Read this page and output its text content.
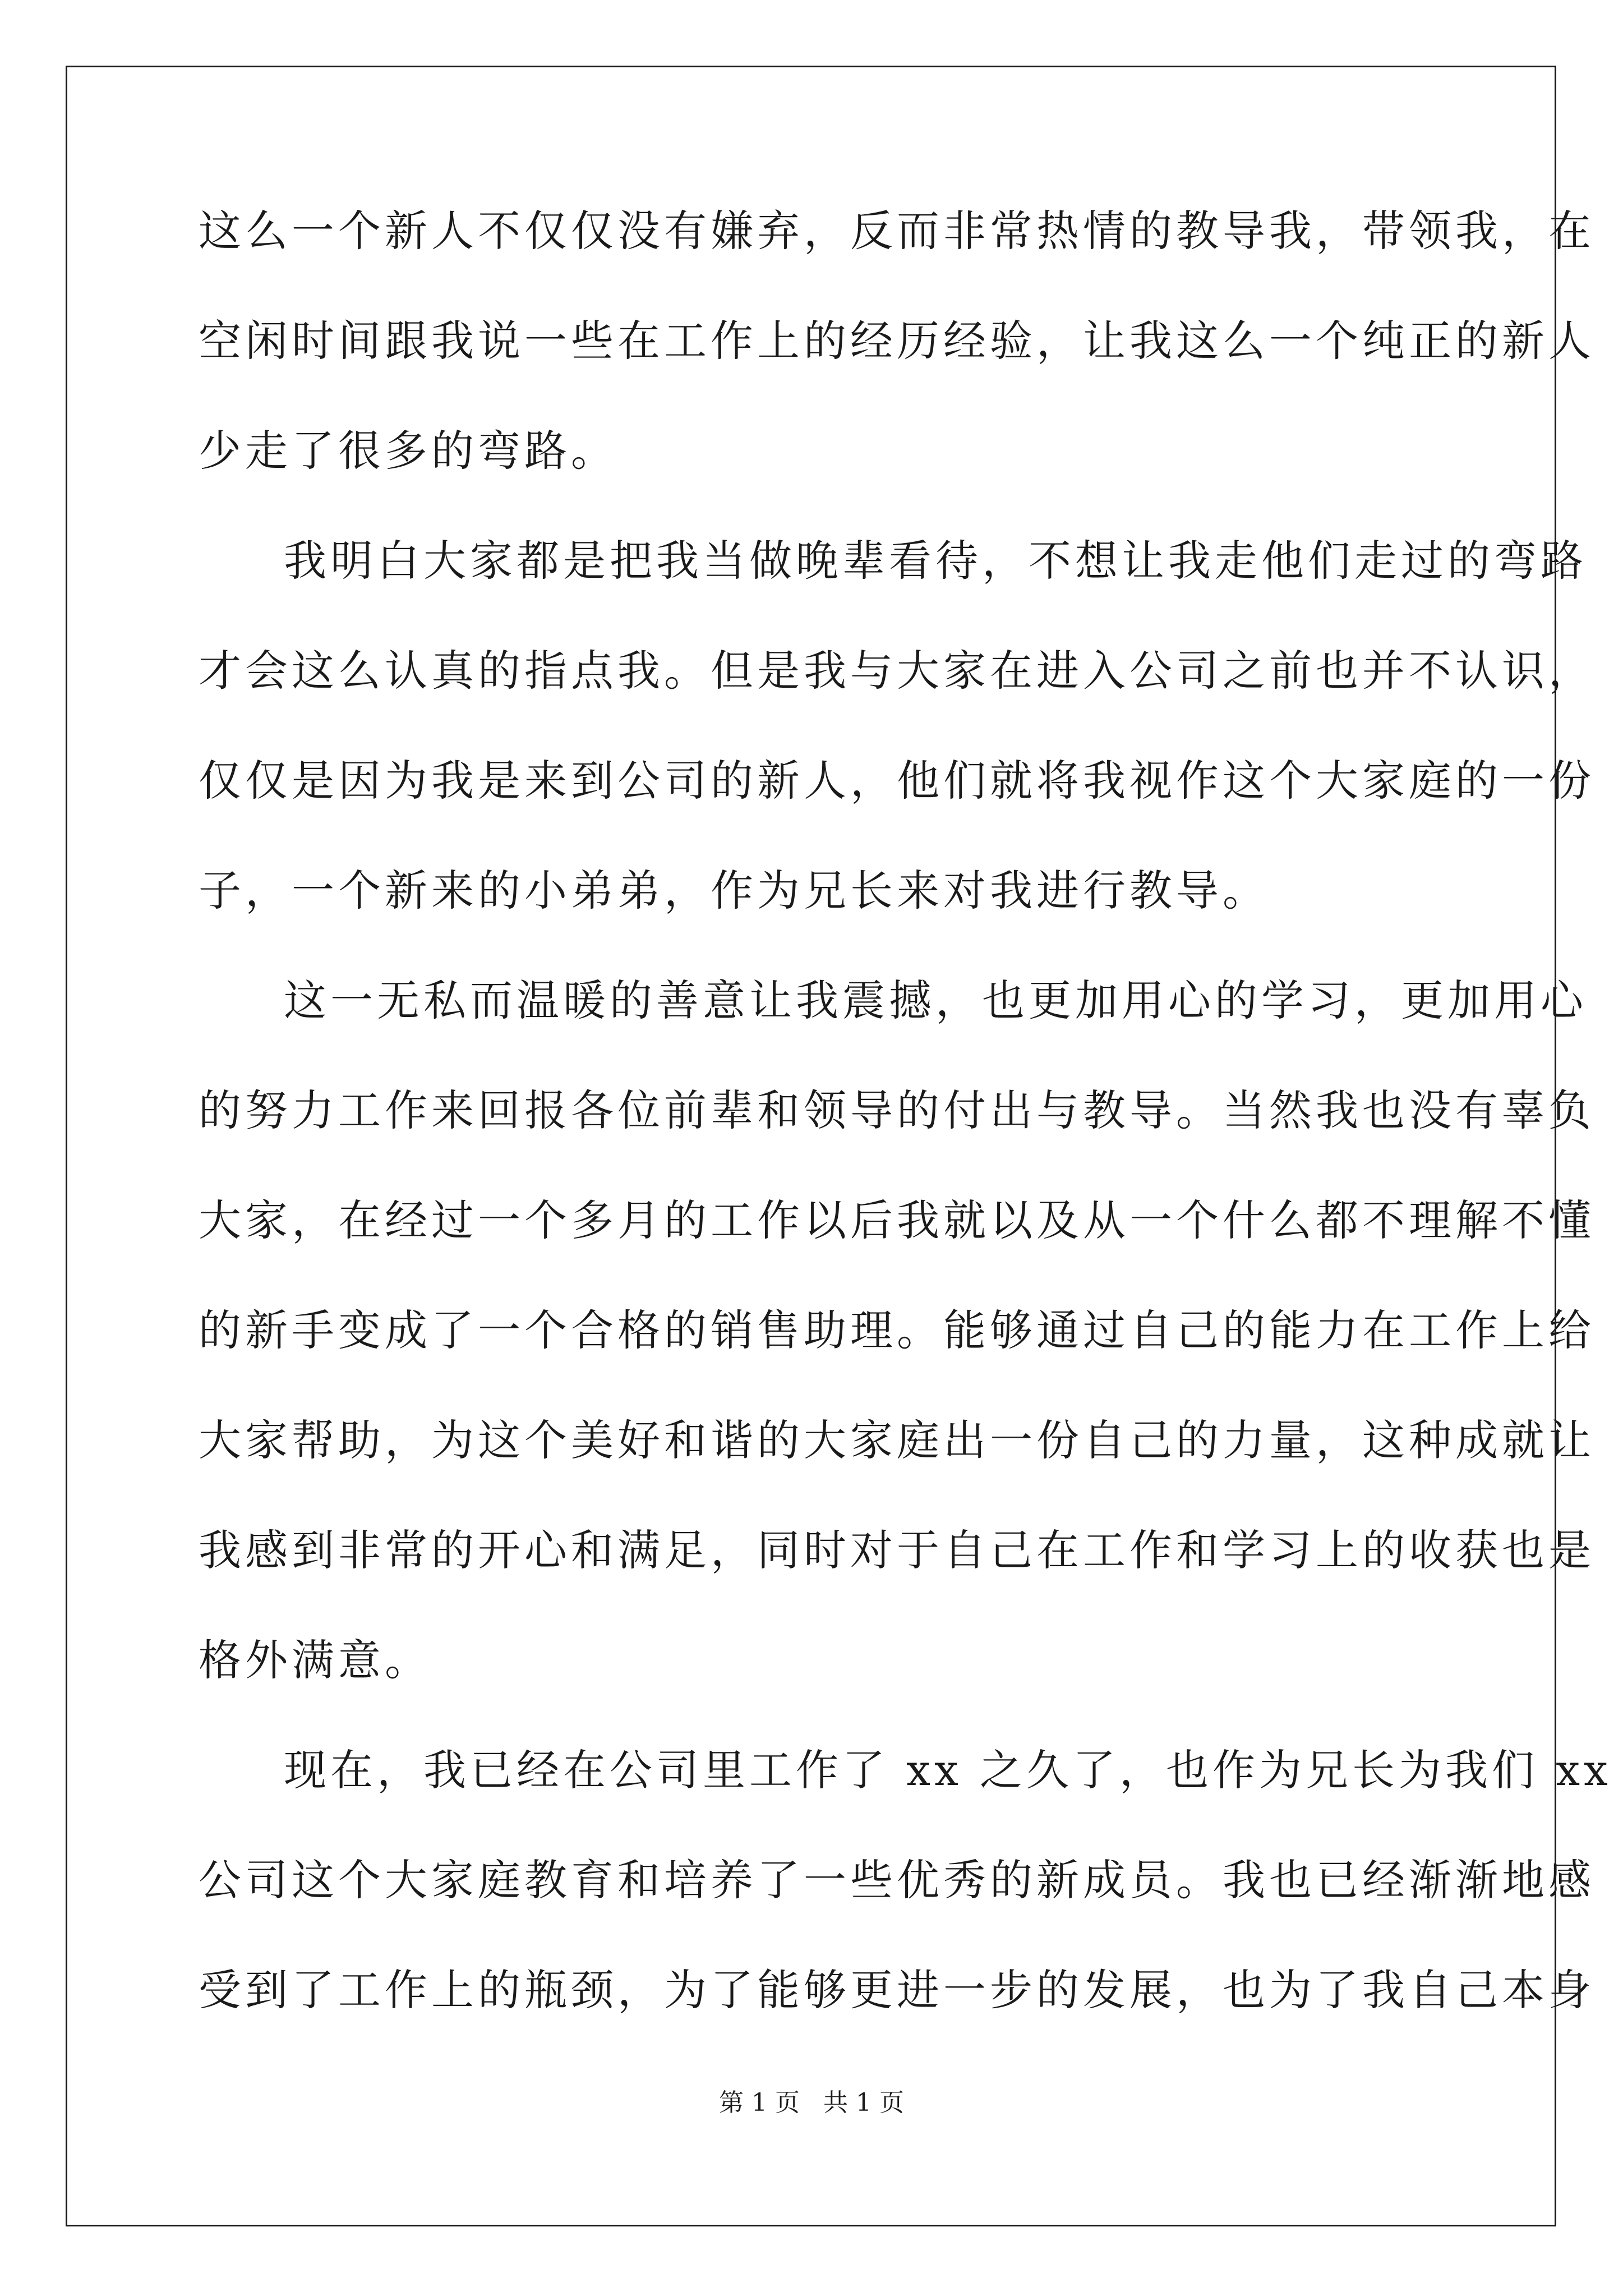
这么一个新人不仅仅没有嫌弃，反而非常热情的教导我，带领我，在
空闲时间跟我说一些在工作上的经历经验，让我这么一个纯正的新人
少走了很多的弯路。
我明白大家都是把我当做晚辈看待，不想让我走他们走过的弯路
才会这么认真的指点我。但是我与大家在进入公司之前也并不认识，
仅仅是因为我是来到公司的新人，他们就将我视作这个大家庭的一份
子，一个新来的小弟弟，作为兄长来对我进行教导。
这一无私而温暖的善意让我震撼，也更加用心的学习，更加用心
的努力工作来回报各位前辈和领导的付出与教导。当然我也没有辜负
大家，在经过一个多月的工作以后我就以及从一个什么都不理解不懂
的新手变成了一个合格的销售助理。能够通过自己的能力在工作上给
大家帮助，为这个美好和谐的大家庭出一份自己的力量，这种成就让
我感到非常的开心和满足，同时对于自己在工作和学习上的收获也是
格外满意。
现在，我已经在公司里工作了 xx 之久了，也作为兄长为我们 xx
公司这个大家庭教育和培养了一些优秀的新成员。我也已经渐渐地感
受到了工作上的瓶颈，为了能够更进一步的发展，也为了我自己本身
第 1 页   共 1 页
